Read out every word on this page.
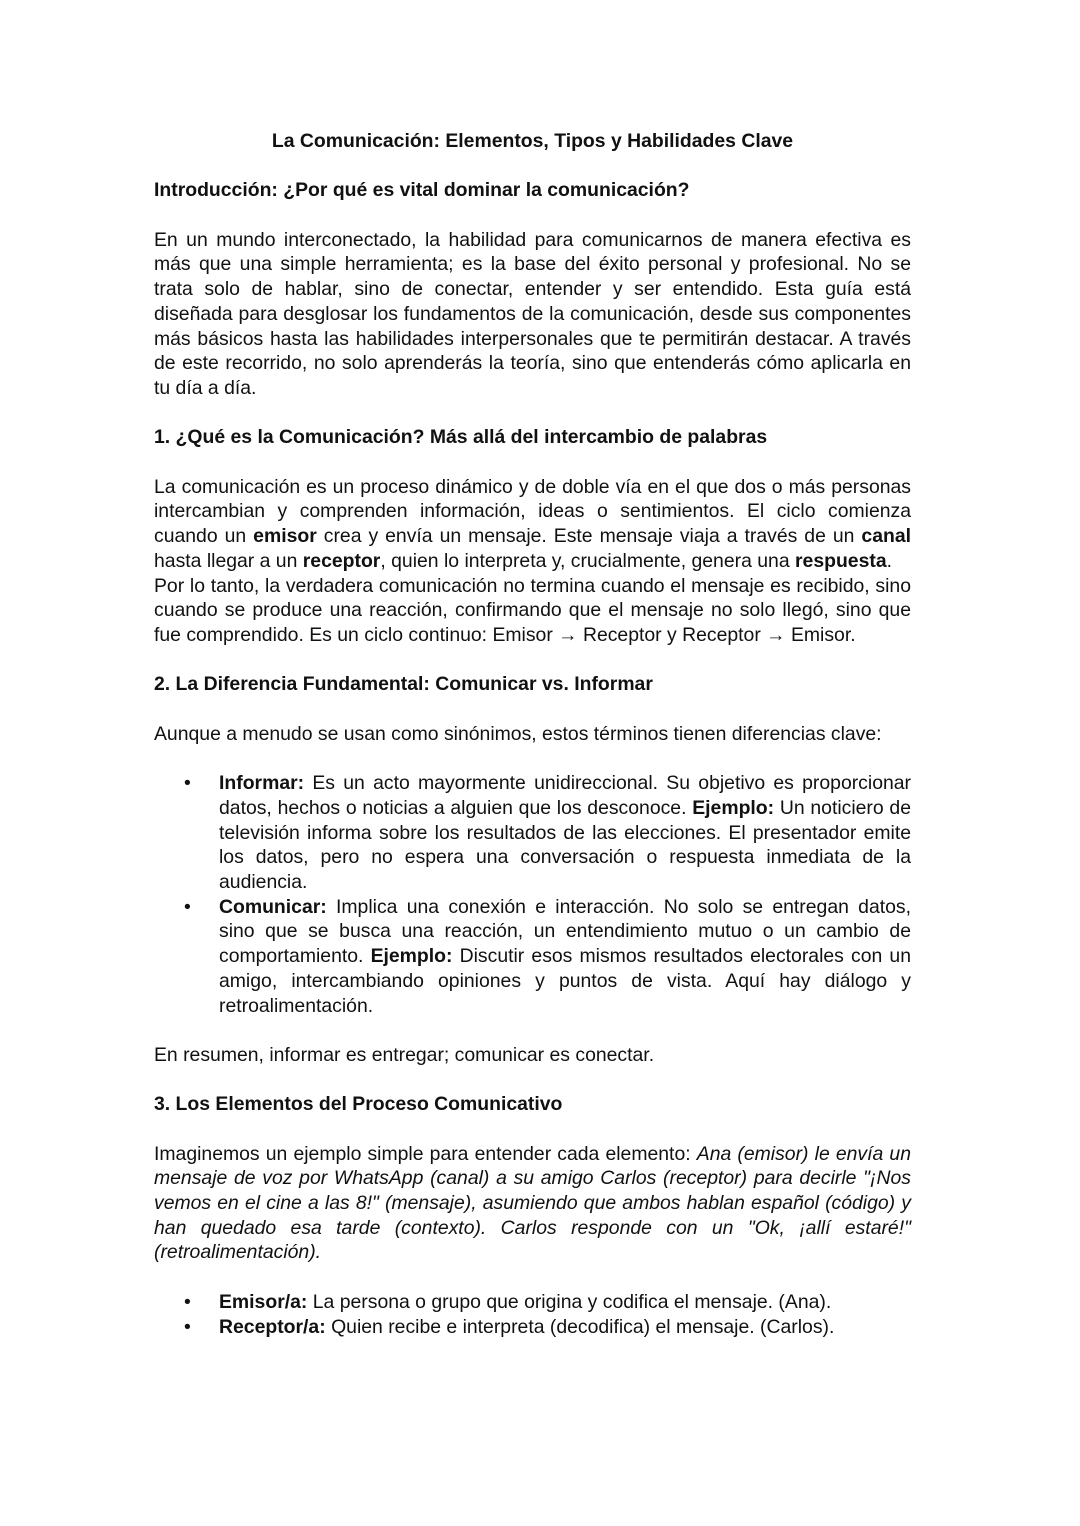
La Comunicación: Elementos, Tipos y Habilidades Clave

Introducción: ¿Por qué es vital dominar la comunicación?

En un mundo interconectado, la habilidad para comunicarnos de manera efectiva es más que una simple herramienta; es la base del éxito personal y profesional. No se trata solo de hablar, sino de conectar, entender y ser entendido. Esta guía está diseñada para desglosar los fundamentos de la comunicación, desde sus componentes más básicos hasta las habilidades interpersonales que te permitirán destacar. A través de este recorrido, no solo aprenderás la teoría, sino que entenderás cómo aplicarla en tu día a día.

1. ¿Qué es la Comunicación? Más allá del intercambio de palabras

La comunicación es un proceso dinámico y de doble vía en el que dos o más personas intercambian y comprenden información, ideas o sentimientos. El ciclo comienza cuando un emisor crea y envía un mensaje. Este mensaje viaja a través de un canal hasta llegar a un receptor, quien lo interpreta y, crucialmente, genera una respuesta.

Por lo tanto, la verdadera comunicación no termina cuando el mensaje es recibido, sino cuando se produce una reacción, confirmando que el mensaje no solo llegó, sino que fue comprendido. Es un ciclo continuo: Emisor → Receptor y Receptor → Emisor.

2. La Diferencia Fundamental: Comunicar vs. Informar

Aunque a menudo se usan como sinónimos, estos términos tienen diferencias clave:

• Informar: Es un acto mayormente unidireccional. Su objetivo es proporcionar datos, hechos o noticias a alguien que los desconoce. Ejemplo: Un noticiero de televisión informa sobre los resultados de las elecciones. El presentador emite los datos, pero no espera una conversación o respuesta inmediata de la audiencia.
• Comunicar: Implica una conexión e interacción. No solo se entregan datos, sino que se busca una reacción, un entendimiento mutuo o un cambio de comportamiento. Ejemplo: Discutir esos mismos resultados electorales con un amigo, intercambiando opiniones y puntos de vista. Aquí hay diálogo y retroalimentación.

En resumen, informar es entregar; comunicar es conectar.

3. Los Elementos del Proceso Comunicativo

Imaginemos un ejemplo simple para entender cada elemento: Ana (emisor) le envía un mensaje de voz por WhatsApp (canal) a su amigo Carlos (receptor) para decirle "¡Nos vemos en el cine a las 8!" (mensaje), asumiendo que ambos hablan español (código) y han quedado esa tarde (contexto). Carlos responde con un "Ok, ¡allí estaré!" (retroalimentación).

• Emisor/a: La persona o grupo que origina y codifica el mensaje. (Ana).
• Receptor/a: Quien recibe e interpreta (decodifica) el mensaje. (Carlos).
